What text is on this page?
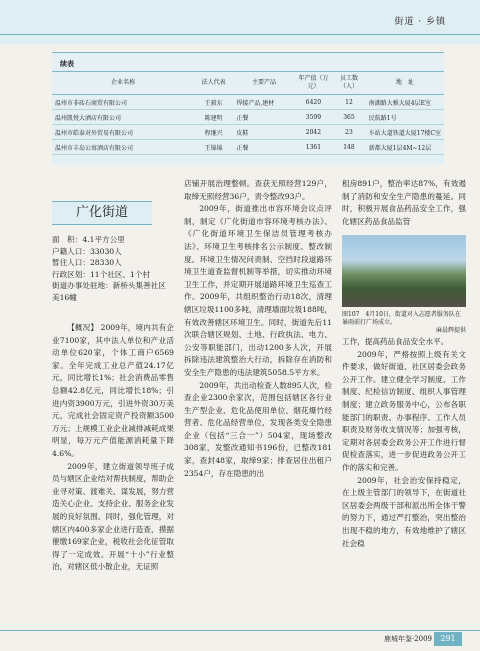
街道 · 乡镇
续表
企业名称	法人代表	主要产品	年产值（万元）	员工数（人）	地　址
温州市非砖石商贸有限公司	王毅东	焊接产品,建材	6420	12	南湖路大雅大厦4层E室
温州凯悦大酒店有限公司	陈建明	正餐	3599	365	民航路1号
温州市皓泰对外贸易有限公司	程继兴	皮鞋	2042	23	车站大道铁道大厦17楼C室
温州市丰岛公寓酒店有限公司	王锦锦	正餐	1361	148	新都大厦1层4M~12层
广化街道
面　积：4.1平方公里
户籍人口：33030人
暂住人口：28330人
行政区划：11个社区、1个村
街道办事处驻地：新桥头集善社区美16幢

【概况】 2009年，境内共有企业7100家，其中法人单位和产业活动单位620家，个体工商户6569家。全年完成工业总产值24.17亿元，同比增长1%；社会消费品零售总额42.8亿元，同比增长18%；引进内资3900万元，引进外资30万美元，完成社会固定资产投资额3500万元；上规模工业企业减排减耗成果明显，每万元产值能源消耗量下降4.6%。

2009年，建立街道领导班子成员与辖区企业结对帮扶制度，帮助企业寻对策、渡难关、谋发展，努力营造关心企业、支持企业、服务企业发展的良好氛围。同时，强化管理，对辖区内400多家企业进行造查，摸据催缴169家企业，税收社会化征管取得了一定成效。开展“十小”行业整治，对辖区低小散企业，无证照

店铺开展治理整顿。查获无照经营129户，取缔无照经营36户，责令整改93户。

2009年，街道推出市容环境会议点评制，制定《广化街道市容环境考核办法》、《广化街道环境卫生保洁员管理考核办法》、环境卫生考核排名公示制度、整改制度。环境卫生情况问责制、空挡时段道路环境卫生道查监督机制等举措，切实推动环境卫生工作，并定期开展道路环境卫生巡查工作。2009年，共组织整治行动18次，清理辖区垃圾1100多吨，清理墙面垃圾188吨，有效改善辖区环境卫生。同时，街道先后11次联合辖区规划、土地、行政执法、电力、公安等职能部门，出动1200多人次，开展拆除违法建筑整治大行动，拆除存在消防和安全生产隐患的违法建筑5058.5平方米。

2009年，共出动检查人数895人次，检查企业2300余家次，范围包括辖区各行业生产型企业、危化品使用单位、烟花爆竹经营者、危化品经营单位，发现各类安全隐患企业（包括“三合一”）504家，现场整改308家，发整改通知书196份，已整改181家，查封48家，取缔9家；排查居住出租户2354户，存在隐患的出

租房891户，整治率达87%，有效遏制了消防和安全生产隐患的蔓延。同时，积极开展食品药品安全工作，强化辖区药品食品监管

图107　4月10日，街道对入志愿者服务队在暴雨前打广场成立。
麻晨辉提供

工作，提高药品食品安全水平。

2009年，严格按照上级有关文件要求，做好街道、社区居委会政务公开工作。建立健全学习制度、工作制度、纪检信访制度、组织人事管理制度；建立政务服务中心，公布各职能部门的职责、办事程序、工作人员职责及财务收支情况等；加强考核，定期对各居委会政务公开工作进行督促检查落实，进一步促进政务公开工作的落实和完善。

2009年，社会治安保持稳定，在上级主管部门的领导下，在街道社区居委会两级干部和派出所全体干警的努力下，通过严打整治，突出整治出现不稳的地方，有效地维护了辖区社会稳

鹿城年鉴·2009	291
